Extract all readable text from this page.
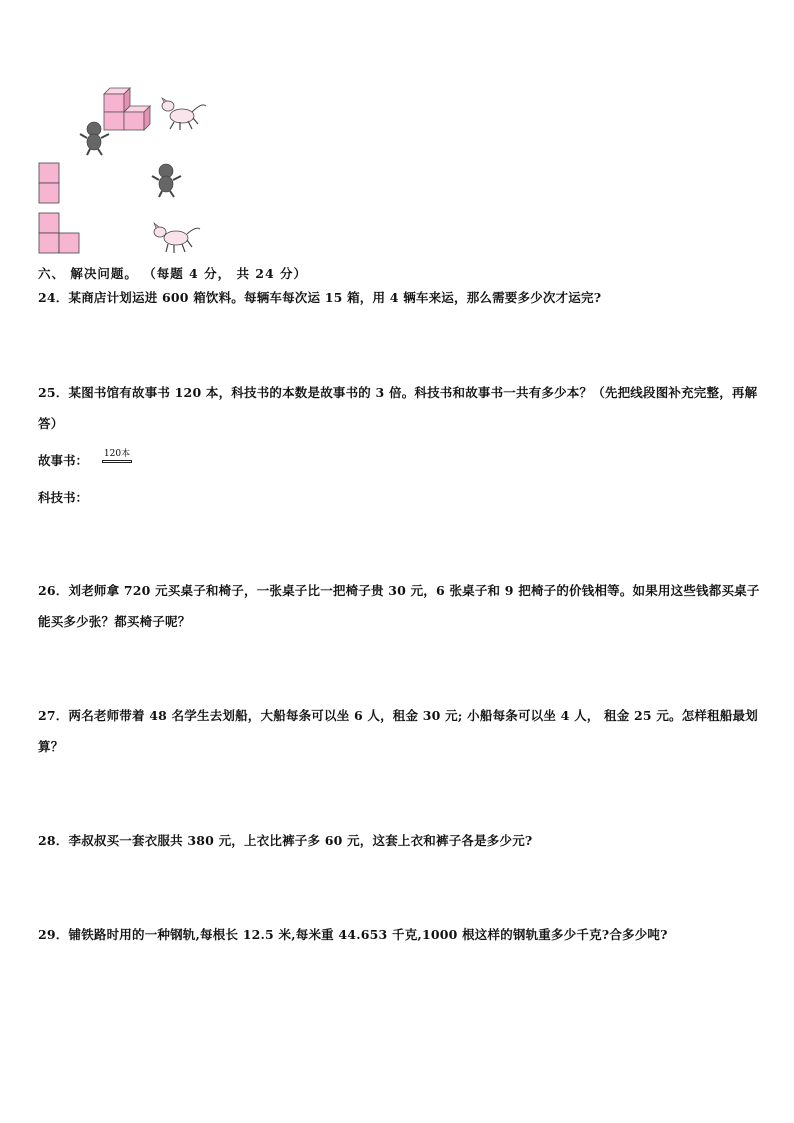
六、 解决问题。 （每题 4 分， 共 24 分）
24．某商店计划运进 600 箱饮料。每辆车每次运 15 箱，用 4 辆车来运，那么需要多少次才运完?
25．某图书馆有故事书 120 本，科技书的本数是故事书的 3 倍。科技书和故事书一共有多少本？（先把线段图补充完整，再解答）
故事书：	120本
科技书：
26．刘老师拿 720 元买桌子和椅子，一张桌子比一把椅子贵 30 元，6 张桌子和 9 把椅子的价钱相等。如果用这些钱都买桌子能买多少张？都买椅子呢？
27．两名老师带着 48 名学生去划船，大船每条可以坐 6 人，租金 30 元; 小船每条可以坐 4 人， 租金 25 元。怎样租船最划算？
28．李叔叔买一套衣服共 380 元，上衣比裤子多 60 元，这套上衣和裤子各是多少元?
29．铺铁路时用的一种钢轨,每根长 12.5 米,每米重 44.653 千克,1000 根这样的钢轨重多少千克?合多少吨?
